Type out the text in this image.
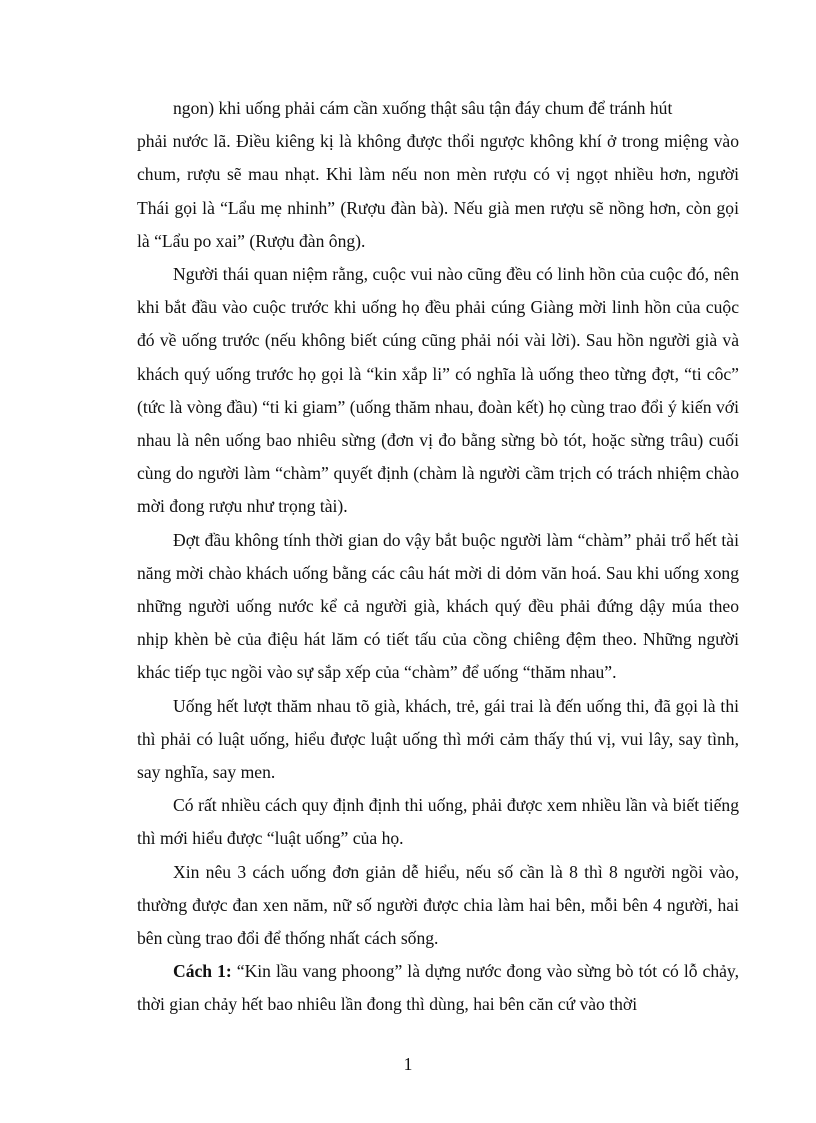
ngon) khi uống phải cám cần xuống thật sâu tận đáy chum để tránh hút
phải nước lã. Điều kiêng kị là không được thổi ngược không khí ở trong miệng vào chum, rượu sẽ mau nhạt. Khi làm nếu non mèn rượu có vị ngọt nhiều hơn, người Thái gọi là “Lẩu mẹ nhinh” (Rượu đàn bà). Nếu già men rượu sẽ nồng hơn, còn gọi là “Lẩu po xai” (Rượu đàn ông).

Người thái quan niệm rằng, cuộc vui nào cũng đều có linh hồn của cuộc đó, nên khi bắt đầu vào cuộc trước khi uống họ đều phải cúng Giàng mời linh hồn của cuộc đó về uống trước (nếu không biết cúng cũng phải nói vài lời). Sau hồn người già và khách quý uống trước họ gọi là “kin xắp li” có nghĩa là uống theo từng đợt, “ti côc” (tức là vòng đầu) “ti ki giam” (uống thăm nhau, đoàn kết) họ cùng trao đổi ý kiến với nhau là nên uống bao nhiêu sừng (đơn vị đo bằng sừng bò tót, hoặc sừng trâu) cuối cùng do người làm “chàm” quyết định (chàm là người cầm trịch có trách nhiệm chào mời đong rượu như trọng tài).

Đợt đầu không tính thời gian do vậy bắt buộc người làm “chàm” phải trổ hết tài năng mời chào khách uống bằng các câu hát mời di dỏm văn hoá. Sau khi uống xong những người uống nước kể cả người già, khách quý đều phải đứng dậy múa theo nhịp khèn bè của điệu hát lăm có tiết tấu của cồng chiêng đệm theo. Những người khác tiếp tục ngồi vào sự sắp xếp của “chàm” để uống “thăm nhau”.

Uống hết lượt thăm nhau tõ già, khách, trẻ, gái trai là đến uống thi, đã gọi là thi thì phải có luật uống, hiểu được luật uống thì mới cảm thấy thú vị, vui lây, say tình, say nghĩa, say men.

Có rất nhiều cách quy định định thi uống, phải được xem nhiều lần và biết tiếng thì mới hiểu được “luật uống” của họ.

Xin nêu 3 cách uống đơn giản dễ hiểu, nếu số cần là 8 thì 8 người ngồi vào, thường được đan xen năm, nữ số người được chia làm hai bên, mỗi bên 4 người, hai bên cùng trao đổi để thống nhất cách sống.

Cách 1: “Kin lầu vang phoong” là dựng nước đong vào sừng bò tót có lỗ chảy, thời gian chảy hết bao nhiêu lần đong thì dùng, hai bên căn cứ vào thời

1
